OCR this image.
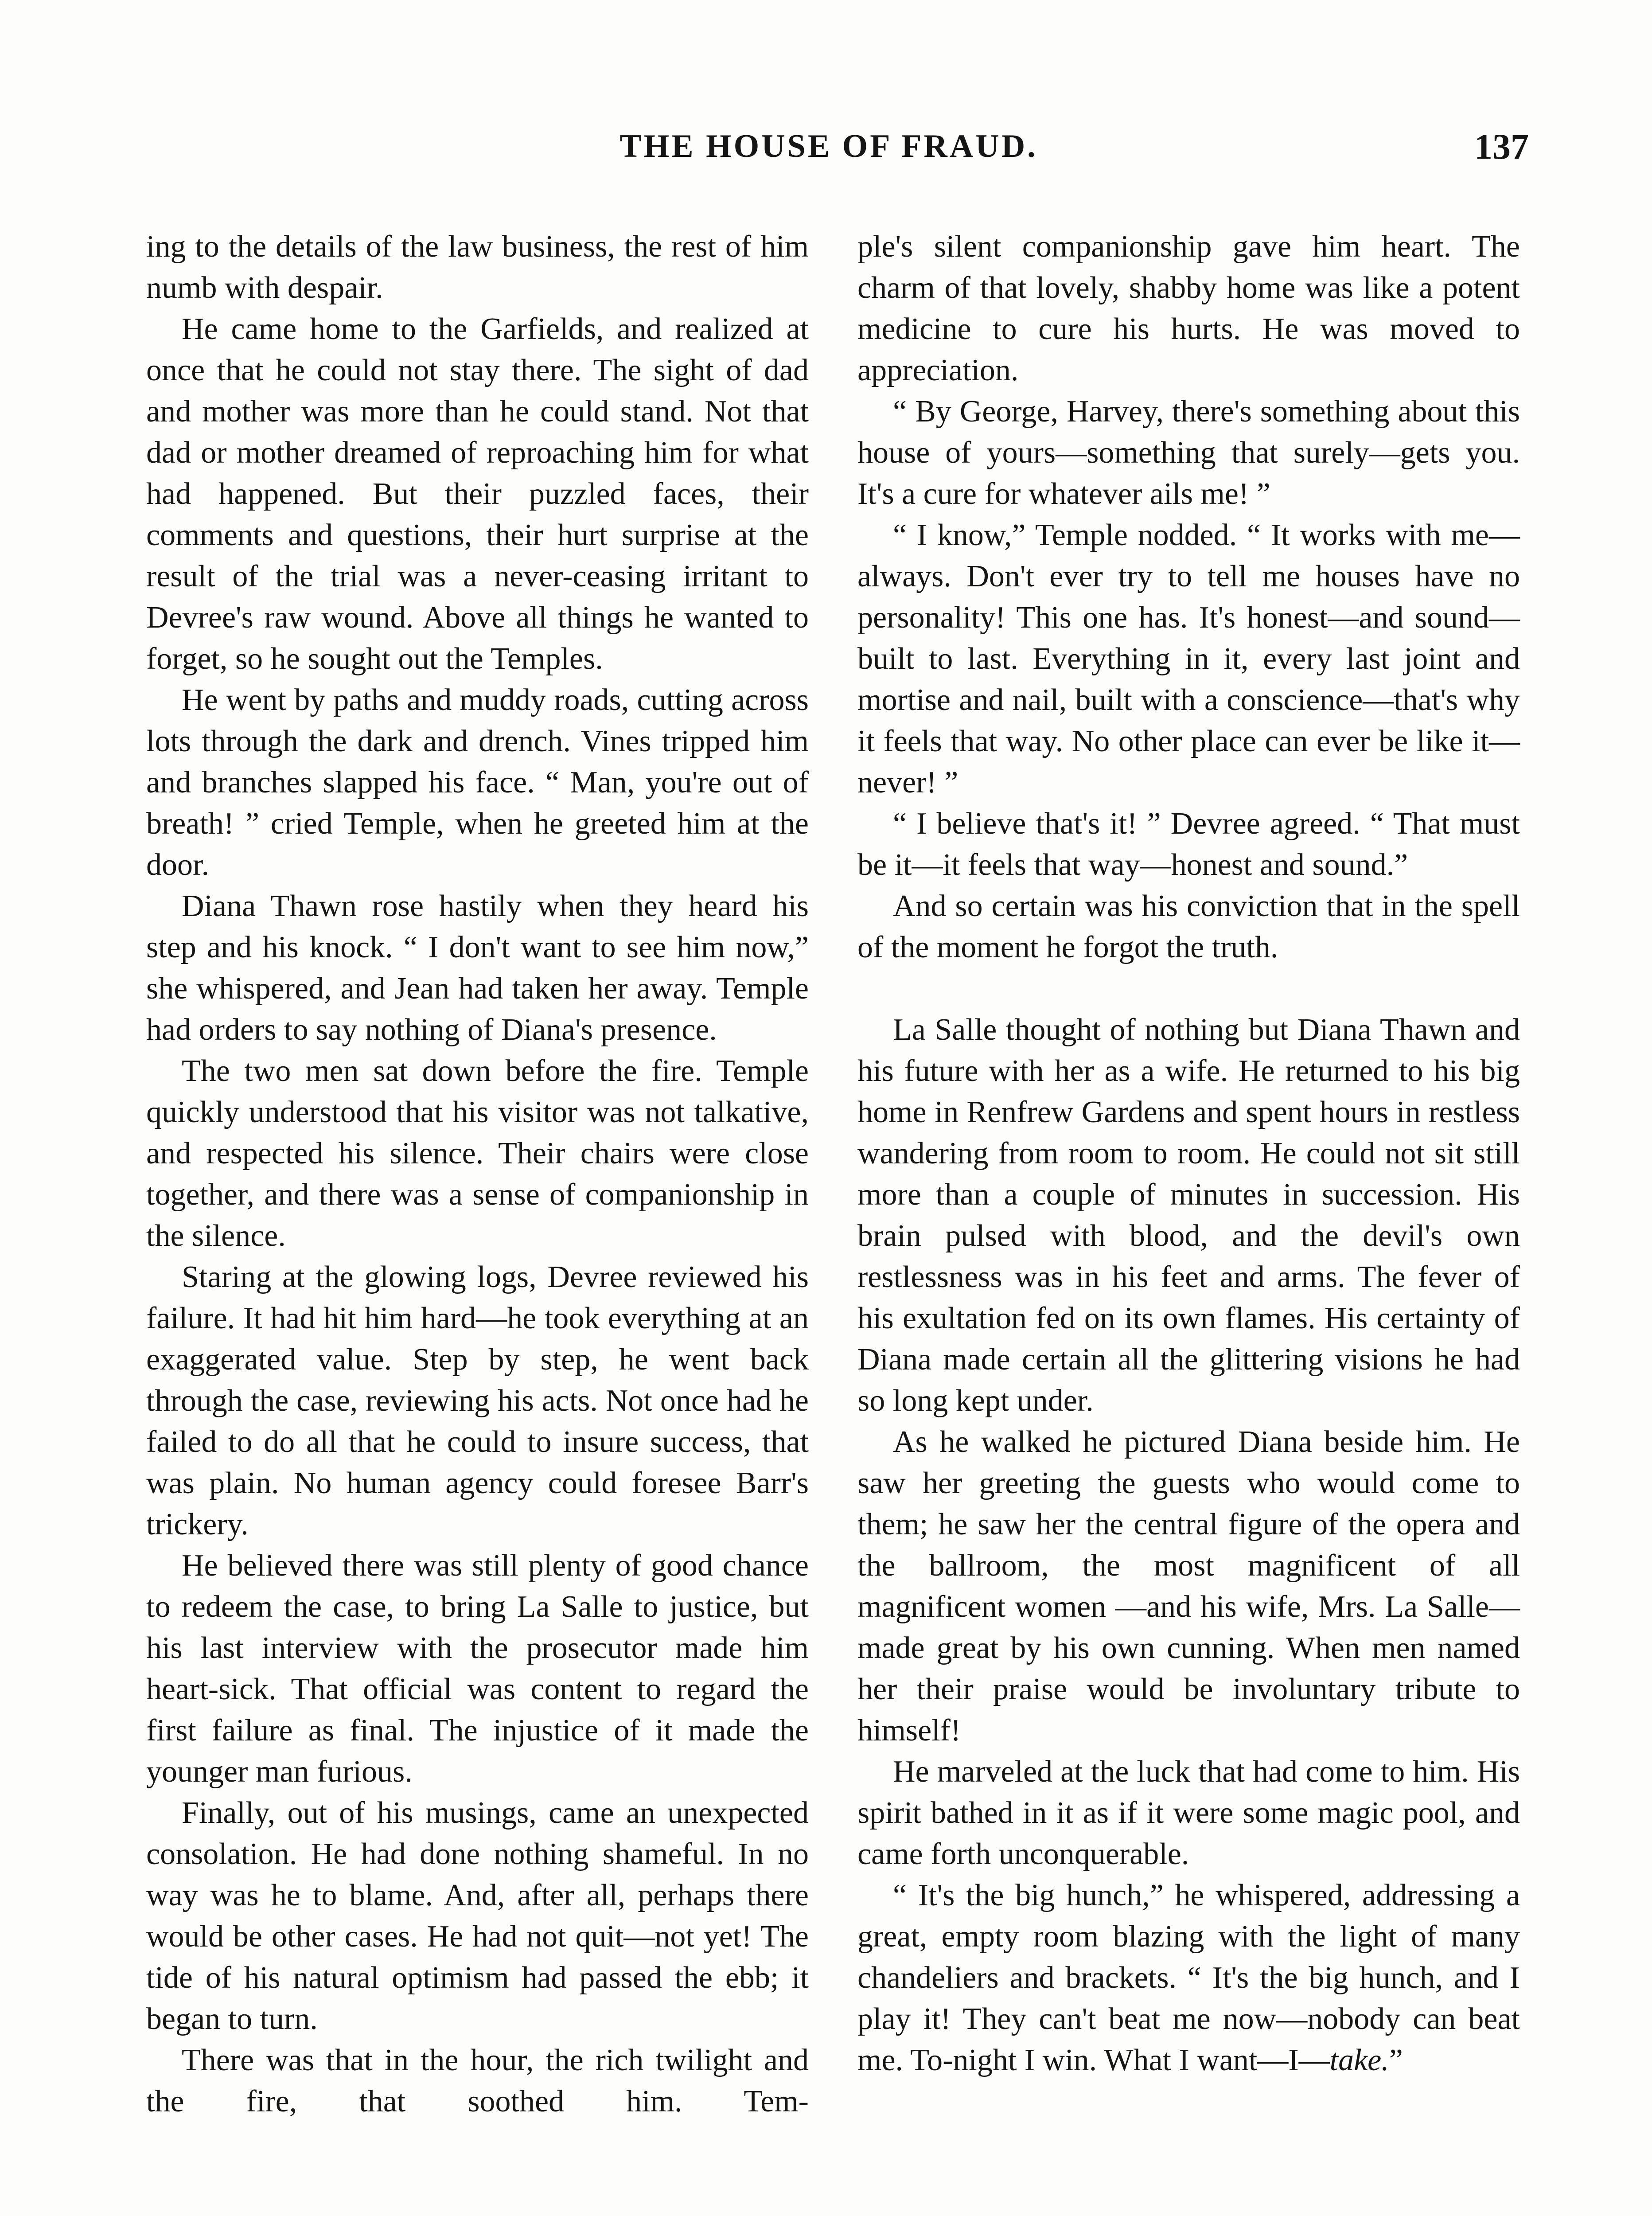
THE HOUSE OF FRAUD.	137

ing to the details of the law business, the rest of him numb with despair.

He came home to the Garfields, and realized at once that he could not stay there. The sight of dad and mother was more than he could stand. Not that dad or mother dreamed of reproaching him for what had happened. But their puzzled faces, their comments and questions, their hurt surprise at the result of the trial was a never-ceasing irritant to Devree's raw wound. Above all things he wanted to forget, so he sought out the Temples.

He went by paths and muddy roads, cutting across lots through the dark and drench. Vines tripped him and branches slapped his face. “ Man, you're out of breath! ” cried Temple, when he greeted him at the door.

Diana Thawn rose hastily when they heard his step and his knock. “ I don't want to see him now,” she whispered, and Jean had taken her away. Temple had orders to say nothing of Diana's presence.

The two men sat down before the fire. Temple quickly understood that his visitor was not talkative, and respected his silence. Their chairs were close together, and there was a sense of companionship in the silence.

Staring at the glowing logs, Devree reviewed his failure. It had hit him hard—he took everything at an exaggerated value. Step by step, he went back through the case, reviewing his acts. Not once had he failed to do all that he could to insure success, that was plain. No human agency could foresee Barr's trickery.

He believed there was still plenty of good chance to redeem the case, to bring La Salle to justice, but his last interview with the prosecutor made him heart-sick. That official was content to regard the first failure as final. The injustice of it made the younger man furious.

Finally, out of his musings, came an unexpected consolation. He had done nothing shameful. In no way was he to blame. And, after all, perhaps there would be other cases. He had not quit—not yet! The tide of his natural optimism had passed the ebb; it began to turn.

There was that in the hour, the rich twilight and the fire, that soothed him. Tem-

ple's silent companionship gave him heart. The charm of that lovely, shabby home was like a potent medicine to cure his hurts. He was moved to appreciation.

“ By George, Harvey, there's something about this house of yours—something that surely—gets you. It's a cure for whatever ails me! ”

“ I know,” Temple nodded. “ It works with me—always. Don't ever try to tell me houses have no personality! This one has. It's honest—and sound—built to last. Everything in it, every last joint and mortise and nail, built with a conscience—that's why it feels that way. No other place can ever be like it—never! ”

“ I believe that's it! ” Devree agreed. “ That must be it—it feels that way—honest and sound.”

And so certain was his conviction that in the spell of the moment he forgot the truth.

La Salle thought of nothing but Diana Thawn and his future with her as a wife. He returned to his big home in Renfrew Gardens and spent hours in restless wandering from room to room. He could not sit still more than a couple of minutes in succession. His brain pulsed with blood, and the devil's own restlessness was in his feet and arms. The fever of his exultation fed on its own flames. His certainty of Diana made certain all the glittering visions he had so long kept under.

As he walked he pictured Diana beside him. He saw her greeting the guests who would come to them; he saw her the central figure of the opera and the ballroom, the most magnificent of all magnificent women —and his wife, Mrs. La Salle—made great by his own cunning. When men named her their praise would be involuntary tribute to himself!

He marveled at the luck that had come to him. His spirit bathed in it as if it were some magic pool, and came forth unconquerable.

“ It's the big hunch,” he whispered, addressing a great, empty room blazing with the light of many chandeliers and brackets. “ It's the big hunch, and I play it! They can't beat me now—nobody can beat me. To-night I win. What I want—I—take.”
